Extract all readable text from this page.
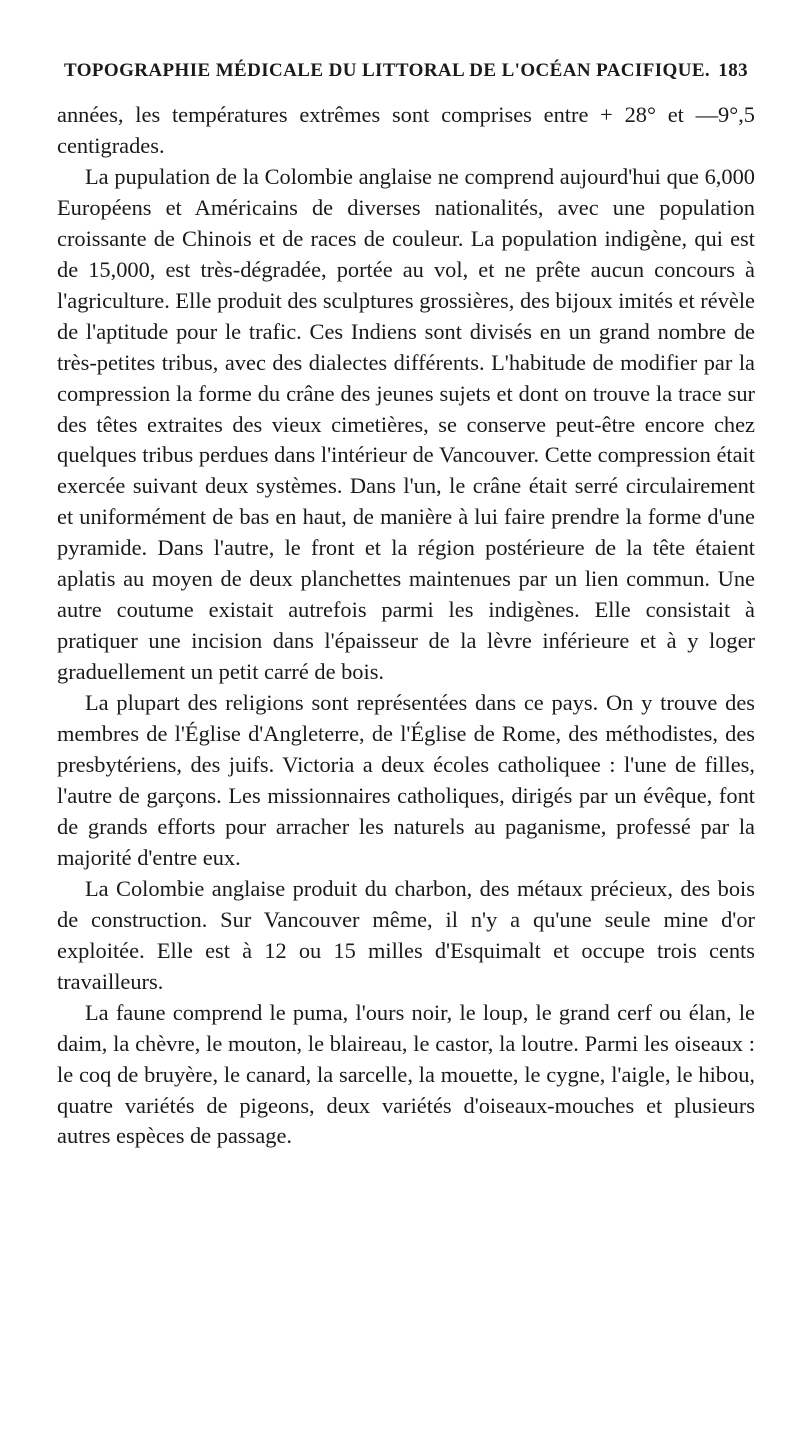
TOPOGRAPHIE MÉDICALE DU LITTORAL DE L'OCÉAN PACIFIQUE. 183

années, les températures extrêmes sont comprises entre + 28° et —9°,5 centigrades.

La pupulation de la Colombie anglaise ne comprend aujourd'hui que 6,000 Européens et Américains de diverses nationalités, avec une population croissante de Chinois et de races de couleur. La population indigène, qui est de 15,000, est très-dégradée, portée au vol, et ne prête aucun concours à l'agriculture. Elle produit des sculptures grossières, des bijoux imités et révèle de l'aptitude pour le trafic. Ces Indiens sont divisés en un grand nombre de très-petites tribus, avec des dialectes différents. L'habitude de modifier par la compression la forme du crâne des jeunes sujets et dont on trouve la trace sur des têtes extraites des vieux cimetières, se conserve peut-être encore chez quelques tribus perdues dans l'intérieur de Vancouver. Cette compression était exercée suivant deux systèmes. Dans l'un, le crâne était serré circulairement et uniformément de bas en haut, de manière à lui faire prendre la forme d'une pyramide. Dans l'autre, le front et la région postérieure de la tête étaient aplatis au moyen de deux planchettes maintenues par un lien commun. Une autre coutume existait autrefois parmi les indigènes. Elle consistait à pratiquer une incision dans l'épaisseur de la lèvre inférieure et à y loger graduellement un petit carré de bois.

La plupart des religions sont représentées dans ce pays. On y trouve des membres de l'Église d'Angleterre, de l'Église de Rome, des méthodistes, des presbytériens, des juifs. Victoria a deux écoles catholiquee : l'une de filles, l'autre de garçons. Les missionnaires catholiques, dirigés par un évêque, font de grands efforts pour arracher les naturels au paganisme, professé par la majorité d'entre eux.

La Colombie anglaise produit du charbon, des métaux précieux, des bois de construction. Sur Vancouver même, il n'y a qu'une seule mine d'or exploitée. Elle est à 12 ou 15 milles d'Esquimalt et occupe trois cents travailleurs.

La faune comprend le puma, l'ours noir, le loup, le grand cerf ou élan, le daim, la chèvre, le mouton, le blaireau, le castor, la loutre. Parmi les oiseaux : le coq de bruyère, le canard, la sarcelle, la mouette, le cygne, l'aigle, le hibou, quatre variétés de pigeons, deux variétés d'oiseaux-mouches et plusieurs autres espèces de passage.
